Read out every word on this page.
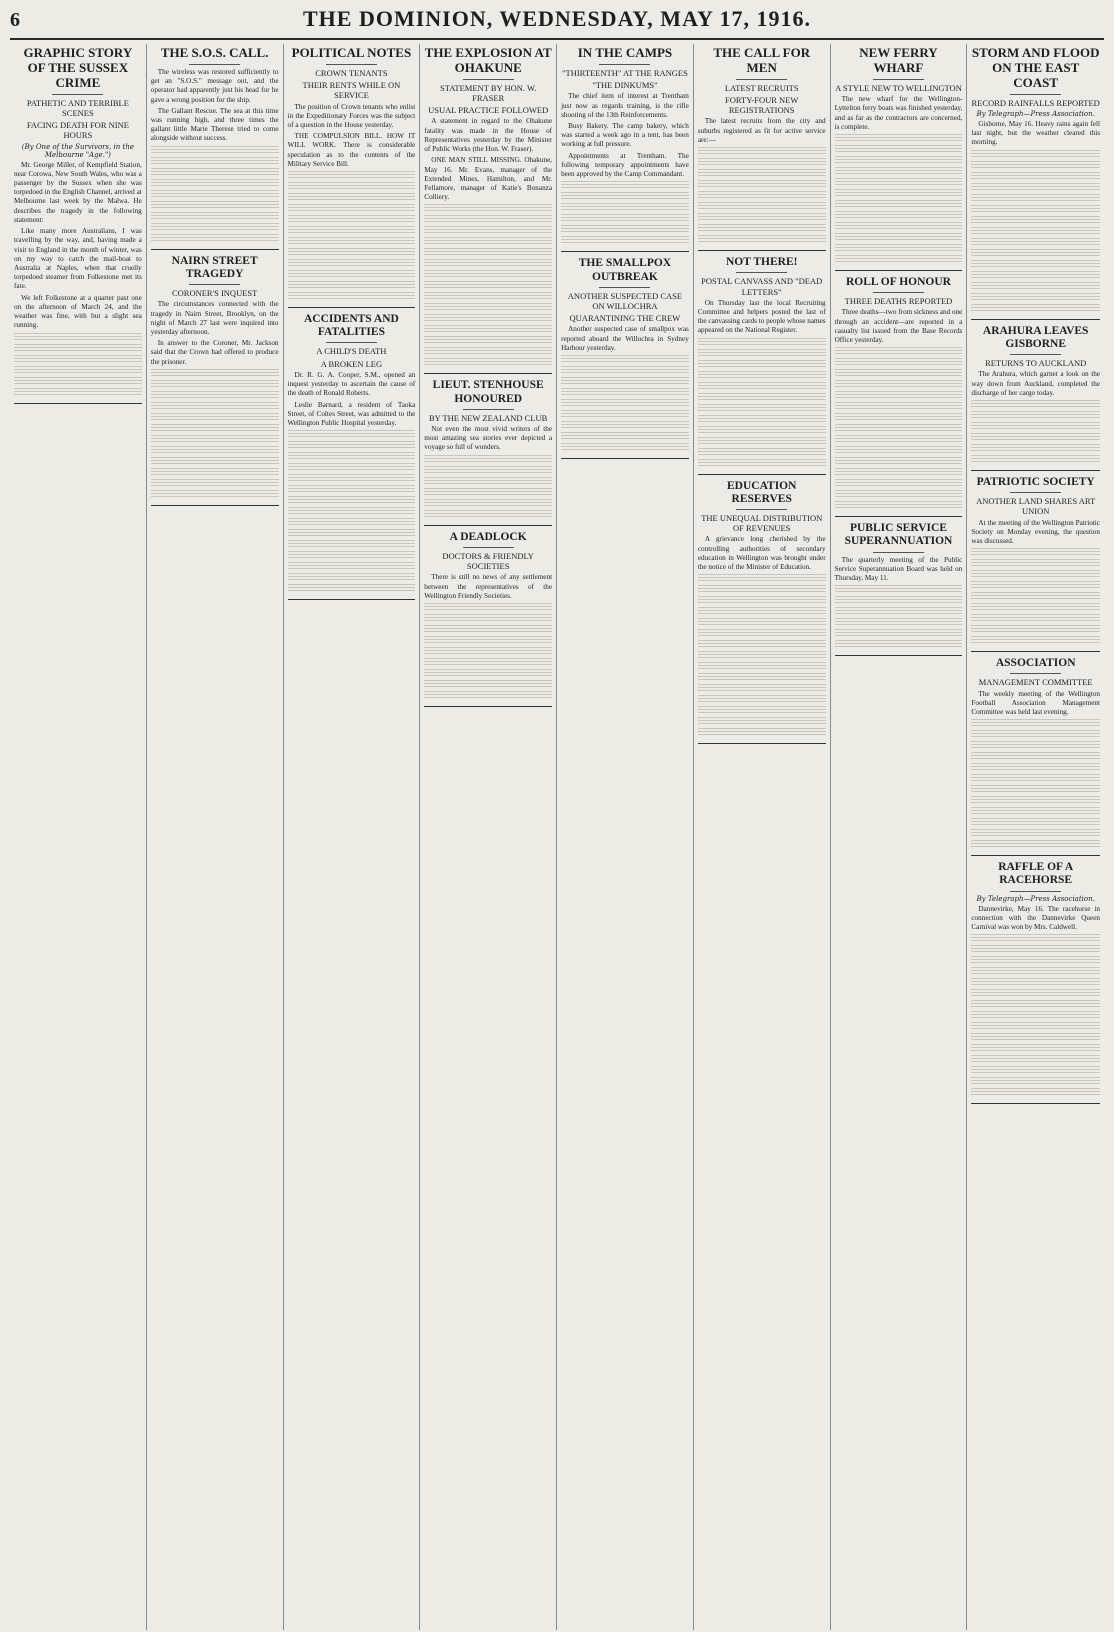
6	THE DOMINION, WEDNESDAY, MAY 17, 1916.
GRAPHIC STORY OF THE SUSSEX CRIME
PATHETIC AND TERRIBLE SCENES
FACING DEATH FOR NINE HOURS
(By One of the Survivors, in the Melbourne "Age.")

Mr. George Miller, of Kempfield Station, near Corowa, New South Wales, who was a passenger by the Sussex when she was torpedoed in the English Channel, arrived at Melbourne last week by the Malwa. He describes the tragedy in the following statement:

Like many more Australians, I was travelling by the way, and, having made a visit to England in the month of winter, was on my way to catch the mail-boat to Australia at Naples, when that cruelly torpedoed steamer from Folkestone met its fate.

We left Folkestone at a quarter past one on the afternoon of March 24, and the weather was fine, with but a slight sea running.

THE S.O.S. CALL.

The wireless was restored sufficiently to get an "S.O.S." message out, and the operator had apparently just his head for he gave a wrong position for the ship.

The Gallant Rescue. The sea at this time was running high, and three times the gallant little Marie Therese tried to come alongside without success.

NAIRN STREET TRAGEDY
CORONER'S INQUEST

The circumstances connected with the tragedy in Nairn Street, Brooklyn, on the night of March 27 last were inquired into yesterday afternoon.

In answer to the Coroner, Mr. Jackson said that the Crown had offered to produce the prisoner.

POLITICAL NOTES
CROWN TENANTS
THEIR RENTS WHILE ON SERVICE

The position of Crown tenants who enlist in the Expeditionary Forces was the subject of a question in the House yesterday.

THE COMPULSION BILL. HOW IT WILL WORK. There is considerable speculation as to the contents of the Military Service Bill.

ACCIDENTS AND FATALITIES
A CHILD'S DEATH
A BROKEN LEG

Dr. R. G. A. Cooper, S.M., opened an inquest yesterday to ascertain the cause of the death of Ronald Roberts.

Leslie Barnard, a resident of Taoka Street, of Coltes Street, was admitted to the Wellington Public Hospital yesterday.

THE EXPLOSION AT OHAKUNE
STATEMENT BY HON. W. FRASER
USUAL PRACTICE FOLLOWED

A statement in regard to the Ohakune fatality was made in the House of Representatives yesterday by the Minister of Public Works (the Hon. W. Fraser).

ONE MAN STILL MISSING. Ohakune, May 16. Mr. Evans, manager of the Extended Mines, Hamilton, and Mr. Fellamore, manager of Katie's Bonanza Colliery.

LIEUT. STENHOUSE HONOURED
BY THE NEW ZEALAND CLUB

Not even the most vivid writers of the most amazing sea stories ever depicted a voyage so full of wonders.

A DEADLOCK
DOCTORS & FRIENDLY SOCIETIES

There is still no news of any settlement between the representatives of the Wellington Friendly Societies.

IN THE CAMPS
"THIRTEENTH" AT THE RANGES
"THE DINKUMS"

The chief item of interest at Trentham just now as regards training, is the rifle shooting of the 13th Reinforcements.

Busy Bakery. The camp bakery, which was started a week ago in a tent, has been working at full pressure.

Appointments at Trentham. The following temporary appointments have been approved by the Camp Commandant.

THE SMALLPOX OUTBREAK
ANOTHER SUSPECTED CASE ON WILLOCHRA
QUARANTINING THE CREW

Another suspected case of smallpox was reported aboard the Willochra in Sydney Harbour yesterday.

THE CALL FOR MEN
LATEST RECRUITS
FORTY-FOUR NEW REGISTRATIONS

The latest recruits from the city and suburbs registered as fit for active service are:—

NOT THERE!
POSTAL CANVASS AND "DEAD LETTERS"

On Thursday last the local Recruiting Committee and helpers posted the last of the canvassing cards to people whose names appeared on the National Register.

EDUCATION RESERVES
THE UNEQUAL DISTRIBUTION OF REVENUES

A grievance long cherished by the controlling authorities of secondary education in Wellington was brought under the notice of the Minister of Education.

NEW FERRY WHARF
A STYLE NEW TO WELLINGTON

The new wharf for the Wellington-Lyttelton ferry boats was finished yesterday, and as far as the contractors are concerned, is complete.

ROLL OF HONOUR
THREE DEATHS REPORTED

Three deaths—two from sickness and one through an accident—are reported in a casualty list issued from the Base Records Office yesterday.

PUBLIC SERVICE SUPERANNUATION

The quarterly meeting of the Public Service Superannuation Board was held on Thursday, May 11.

STORM AND FLOOD ON THE EAST COAST
RECORD RAINFALLS REPORTED
By Telegraph—Press Association.

Gisborne, May 16. Heavy rains again fell last night, but the weather cleared this morning.

ARAHURA LEAVES GISBORNE
RETURNS TO AUCKLAND

The Arahura, which garnet a look on the way down from Auckland, completed the discharge of her cargo today.

PATRIOTIC SOCIETY
ANOTHER LAND SHARES ART UNION

At the meeting of the Wellington Patriotic Society on Monday evening, the question was discussed.

ASSOCIATION
MANAGEMENT COMMITTEE

The weekly meeting of the Wellington Football Association Management Committee was held last evening.

RAFFLE OF A RACEHORSE
By Telegraph—Press Association.

Dannevirke, May 16. The racehorse in connection with the Dannevirke Queen Carnival was won by Mrs. Caldwell.
